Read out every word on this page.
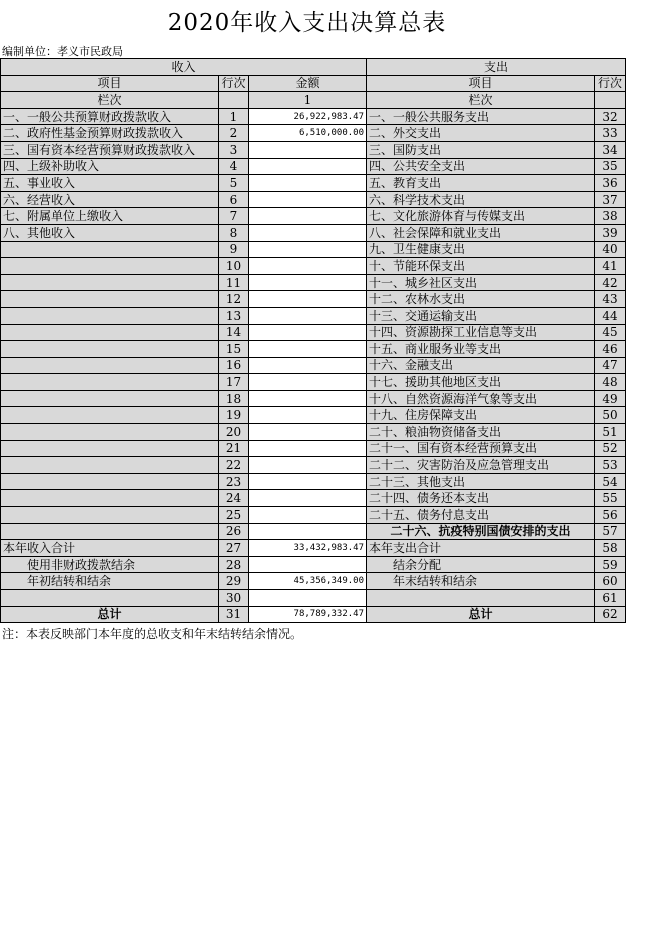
2020年收入支出决算总表
编制单位：孝义市民政局
收入			支出	
项目	行次	金额	项目	行次
栏次		1	栏次	
一、一般公共预算财政拨款收入	1	26,922,983.47	一、一般公共服务支出	32
二、政府性基金预算财政拨款收入	2	6,510,000.00	二、外交支出	33
三、国有资本经营预算财政拨款收入	3		三、国防支出	34
四、上级补助收入	4		四、公共安全支出	35
五、事业收入	5		五、教育支出	36
六、经营收入	6		六、科学技术支出	37
七、附属单位上缴收入	7		七、文化旅游体育与传媒支出	38
八、其他收入	8		八、社会保障和就业支出	39
	9		九、卫生健康支出	40
	10		十、节能环保支出	41
	11		十一、城乡社区支出	42
	12		十二、农林水支出	43
	13		十三、交通运输支出	44
	14		十四、资源勘探工业信息等支出	45
	15		十五、商业服务业等支出	46
	16		十六、金融支出	47
	17		十七、援助其他地区支出	48
	18		十八、自然资源海洋气象等支出	49
	19		十九、住房保障支出	50
	20		二十、粮油物资储备支出	51
	21		二十一、国有资本经营预算支出	52
	22		二十二、灾害防治及应急管理支出	53
	23		二十三、其他支出	54
	24		二十四、债务还本支出	55
	25		二十五、债务付息支出	56
	26		二十六、抗疫特别国债安排的支出	57
本年收入合计	27	33,432,983.47	本年支出合计	58
使用非财政拨款结余	28		结余分配	59
年初结转和结余	29	45,356,349.00	年末结转和结余	60
	30			61
总计	31	78,789,332.47	总计	62
注：本表反映部门本年度的总收支和年末结转结余情况。
